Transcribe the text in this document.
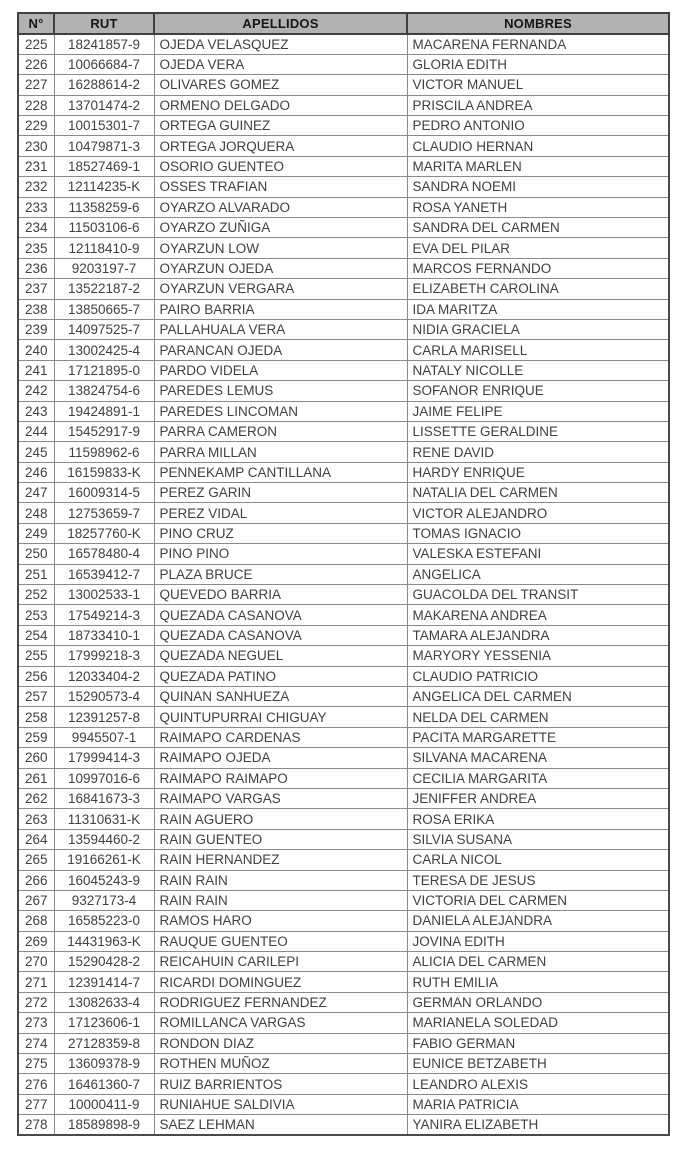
N°	RUT	APELLIDOS	NOMBRES
225	18241857-9	OJEDA VELASQUEZ	MACARENA FERNANDA
226	10066684-7	OJEDA VERA	GLORIA EDITH
227	16288614-2	OLIVARES GOMEZ	VICTOR MANUEL
228	13701474-2	ORMENO DELGADO	PRISCILA ANDREA
229	10015301-7	ORTEGA GUINEZ	PEDRO ANTONIO
230	10479871-3	ORTEGA JORQUERA	CLAUDIO HERNAN
231	18527469-1	OSORIO GUENTEO	MARITA MARLEN
232	12114235-K	OSSES TRAFIAN	SANDRA NOEMI
233	11358259-6	OYARZO ALVARADO	ROSA YANETH
234	11503106-6	OYARZO ZUÑIGA	SANDRA DEL CARMEN
235	12118410-9	OYARZUN LOW	EVA DEL PILAR
236	9203197-7	OYARZUN OJEDA	MARCOS FERNANDO
237	13522187-2	OYARZUN VERGARA	ELIZABETH CAROLINA
238	13850665-7	PAIRO BARRIA	IDA MARITZA
239	14097525-7	PALLAHUALA VERA	NIDIA GRACIELA
240	13002425-4	PARANCAN OJEDA	CARLA MARISELL
241	17121895-0	PARDO VIDELA	NATALY NICOLLE
242	13824754-6	PAREDES LEMUS	SOFANOR ENRIQUE
243	19424891-1	PAREDES LINCOMAN	JAIME FELIPE
244	15452917-9	PARRA CAMERON	LISSETTE GERALDINE
245	11598962-6	PARRA MILLAN	RENE DAVID
246	16159833-K	PENNEKAMP CANTILLANA	HARDY ENRIQUE
247	16009314-5	PEREZ GARIN	NATALIA DEL CARMEN
248	12753659-7	PEREZ VIDAL	VICTOR ALEJANDRO
249	18257760-K	PINO CRUZ	TOMAS IGNACIO
250	16578480-4	PINO PINO	VALESKA ESTEFANI
251	16539412-7	PLAZA BRUCE	ANGELICA
252	13002533-1	QUEVEDO BARRIA	GUACOLDA DEL TRANSIT
253	17549214-3	QUEZADA CASANOVA	MAKARENA ANDREA
254	18733410-1	QUEZADA CASANOVA	TAMARA ALEJANDRA
255	17999218-3	QUEZADA NEGUEL	MARYORY YESSENIA
256	12033404-2	QUEZADA PATINO	CLAUDIO PATRICIO
257	15290573-4	QUINAN SANHUEZA	ANGELICA DEL CARMEN
258	12391257-8	QUINTUPURRAI CHIGUAY	NELDA DEL CARMEN
259	9945507-1	RAIMAPO CARDENAS	PACITA MARGARETTE
260	17999414-3	RAIMAPO OJEDA	SILVANA MACARENA
261	10997016-6	RAIMAPO RAIMAPO	CECILIA MARGARITA
262	16841673-3	RAIMAPO VARGAS	JENIFFER ANDREA
263	11310631-K	RAIN AGUERO	ROSA ERIKA
264	13594460-2	RAIN GUENTEO	SILVIA SUSANA
265	19166261-K	RAIN HERNANDEZ	CARLA NICOL
266	16045243-9	RAIN RAIN	TERESA DE JESUS
267	9327173-4	RAIN RAIN	VICTORIA DEL CARMEN
268	16585223-0	RAMOS HARO	DANIELA ALEJANDRA
269	14431963-K	RAUQUE GUENTEO	JOVINA EDITH
270	15290428-2	REICAHUIN CARILEPI	ALICIA DEL CARMEN
271	12391414-7	RICARDI DOMINGUEZ	RUTH EMILIA
272	13082633-4	RODRIGUEZ FERNANDEZ	GERMAN ORLANDO
273	17123606-1	ROMILLANCA VARGAS	MARIANELA SOLEDAD
274	27128359-8	RONDON DIAZ	FABIO GERMAN
275	13609378-9	ROTHEN MUÑOZ	EUNICE BETZABETH
276	16461360-7	RUIZ BARRIENTOS	LEANDRO ALEXIS
277	10000411-9	RUNIAHUE SALDIVIA	MARIA PATRICIA
278	18589898-9	SAEZ LEHMAN	YANIRA ELIZABETH
